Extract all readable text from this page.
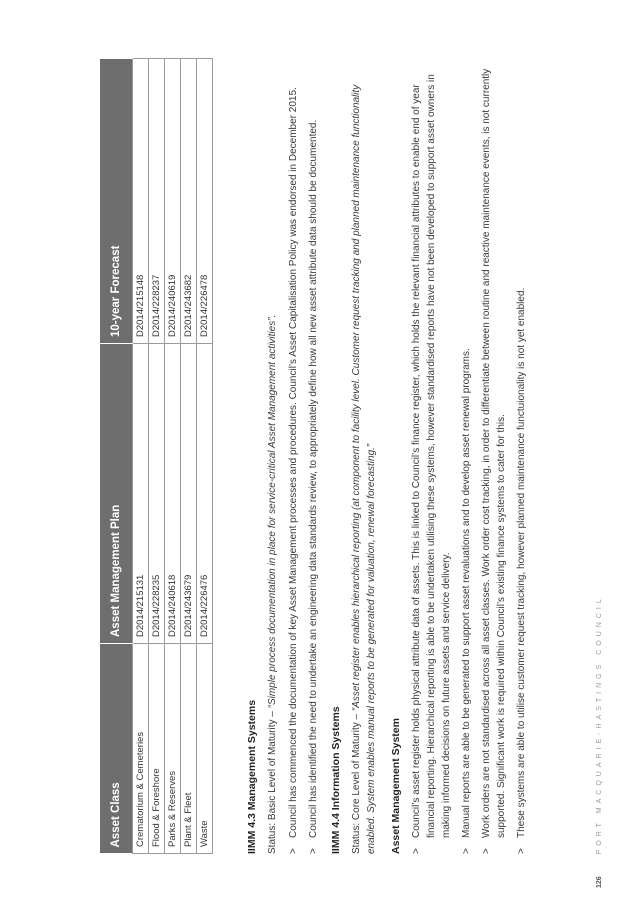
Asset Class	Asset Management Plan	10-year Forecast
Crematorium & Cemeteries	D2014/215131	D2014/215148
Flood & Foreshore	D2014/228235	D2014/228237
Parks & Reserves	D2014/240618	D2014/240619
Plant & Fleet	D2014/243679	D2014/243682
Waste	D2014/226476	D2014/226478
IIMM 4.3 Management Systems Status: Basic Level of Maturity – “Simple process documentation in place for service-critical Asset Management activities”.

>
Council has commenced the documentation of key Asset Management processes and procedures. Council’s Asset Capitalisation Policy was endorsed in December 2015.
>
Council has identified the need to undertake an engineering data standards review, to appropriately define how all new asset attribute data should be documented. IIMM 4.4 Information Systems Status: Core Level of Maturity – “Asset register enables hierarchical reporting (at component to facility level. Customer request tracking and planned maintenance functionality enabled. System enables manual reports to be generated for valuation, renewal forecasting.” Asset Management System >
Council’s asset register holds physical attribute data of assets. This is linked to Council’s finance register, which holds the relevant financial attributes to enable end of year financial reporting. Hierarchical reporting is able to be undertaken utilising these systems, however standardised reports have not been developed to support asset owners in making informed decisions on future assets and service delivery.
>
Manual reports are able to be generated to support asset revaluations and to develop asset renewal programs.
>
Work orders are not standardised across all asset classes. Work order cost tracking, in order to differentiate between routine and reactive maintenance events, is not currently supported. Significant work is required within Council’s existing finance systems to cater for this.
>
These systems are able to utilise customer request tracking, however planned maintenance functuionality is not yet enabled.
126 PORT MACQUARIE-HASTINGS COUNCIL
